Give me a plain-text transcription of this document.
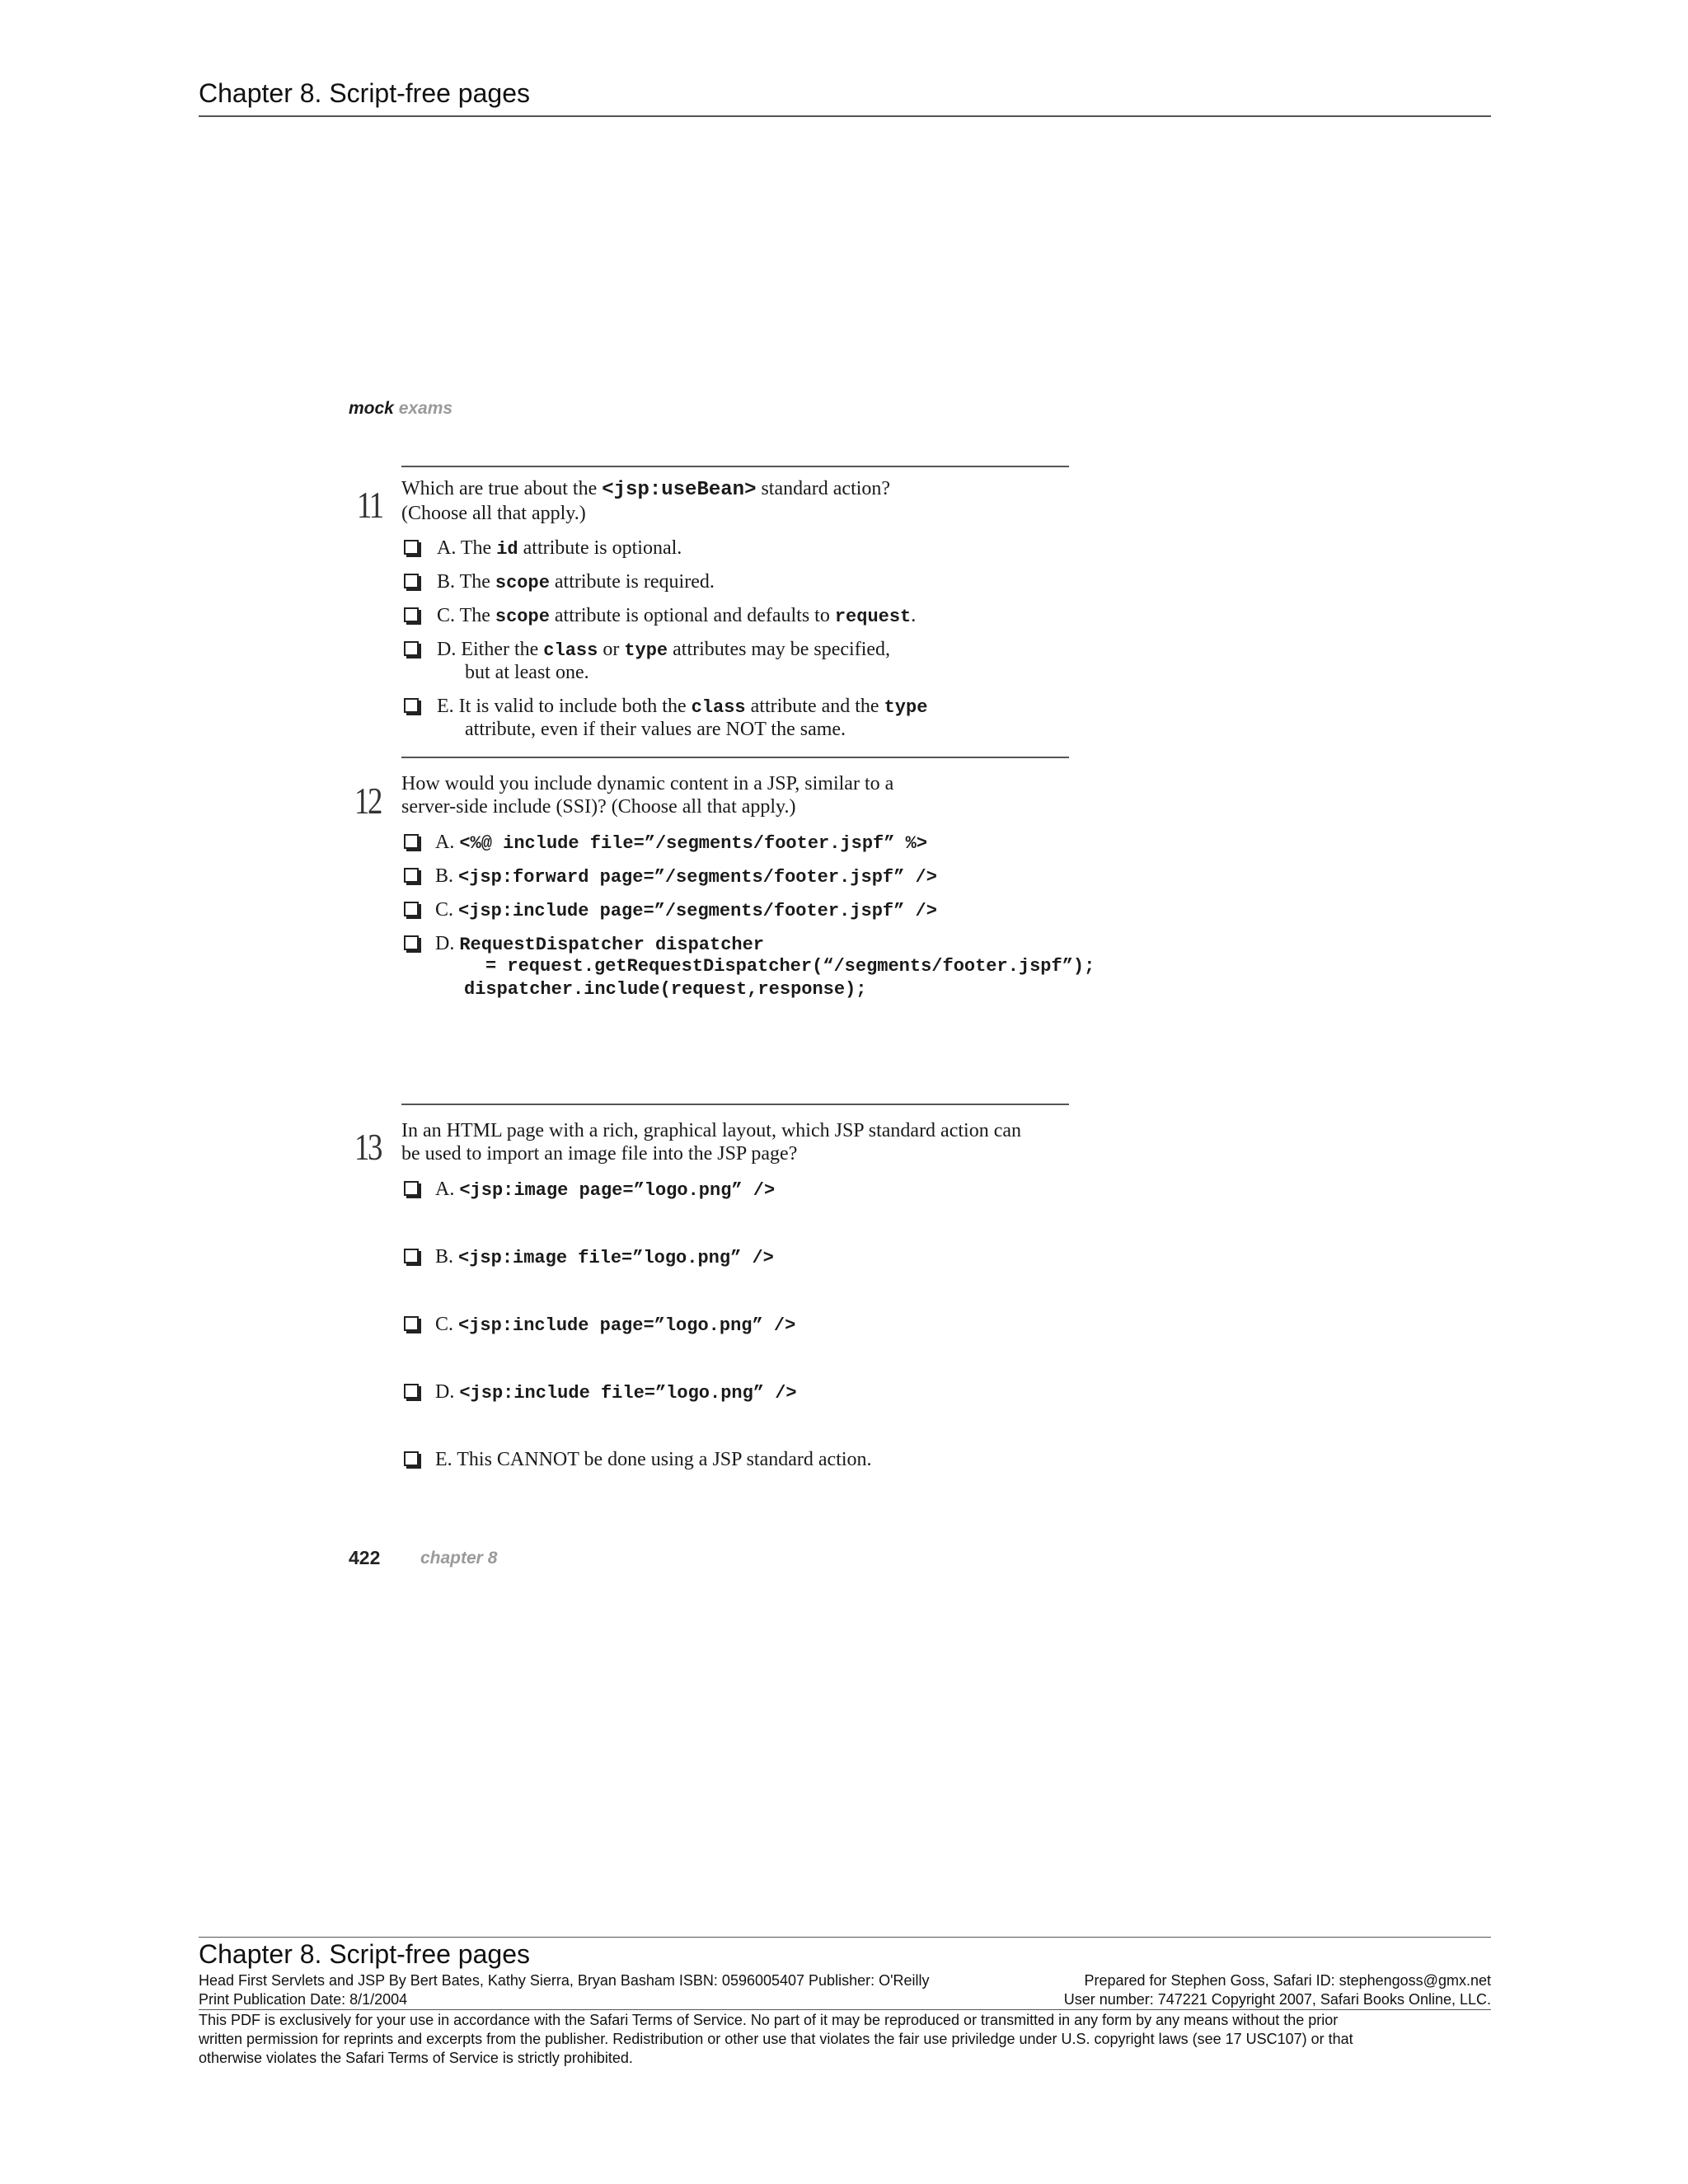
Chapter 8. Script-free pages
mock exams
11 Which are true about the <jsp:useBean> standard action?
(Choose all that apply.)
A. The id attribute is optional.
B. The scope attribute is required.
C. The scope attribute is optional and defaults to request.
D. Either the class or type attributes may be specified,
but at least one.
E. It is valid to include both the class attribute and the type
attribute, even if their values are NOT the same.
12 How would you include dynamic content in a JSP, similar to a
server-side include (SSI)? (Choose all that apply.)
A. <%@ include file=”/segments/footer.jspf” %>
B. <jsp:forward page=”/segments/footer.jspf” />
C. <jsp:include page=”/segments/footer.jspf” />
D. RequestDispatcher dispatcher
= request.getRequestDispatcher(“/segments/footer.jspf”);
dispatcher.include(request,response);
13 In an HTML page with a rich, graphical layout, which JSP standard action can
be used to import an image file into the JSP page?
A. <jsp:image page=”logo.png” />
B. <jsp:image file=”logo.png” />
C. <jsp:include page=”logo.png” />
D. <jsp:include file=”logo.png” />
E. This CANNOT be done using a JSP standard action.
422 chapter 8
Chapter 8. Script-free pages
Head First Servlets and JSP By Bert Bates, Kathy Sierra, Bryan Basham ISBN: 0596005407 Publisher: O'Reilly	Prepared for Stephen Goss, Safari ID: stephengoss@gmx.net
Print Publication Date: 8/1/2004	User number: 747221 Copyright 2007, Safari Books Online, LLC.
This PDF is exclusively for your use in accordance with the Safari Terms of Service. No part of it may be reproduced or transmitted in any form by any means without the prior
written permission for reprints and excerpts from the publisher. Redistribution or other use that violates the fair use priviledge under U.S. copyright laws (see 17 USC107) or that
otherwise violates the Safari Terms of Service is strictly prohibited.
